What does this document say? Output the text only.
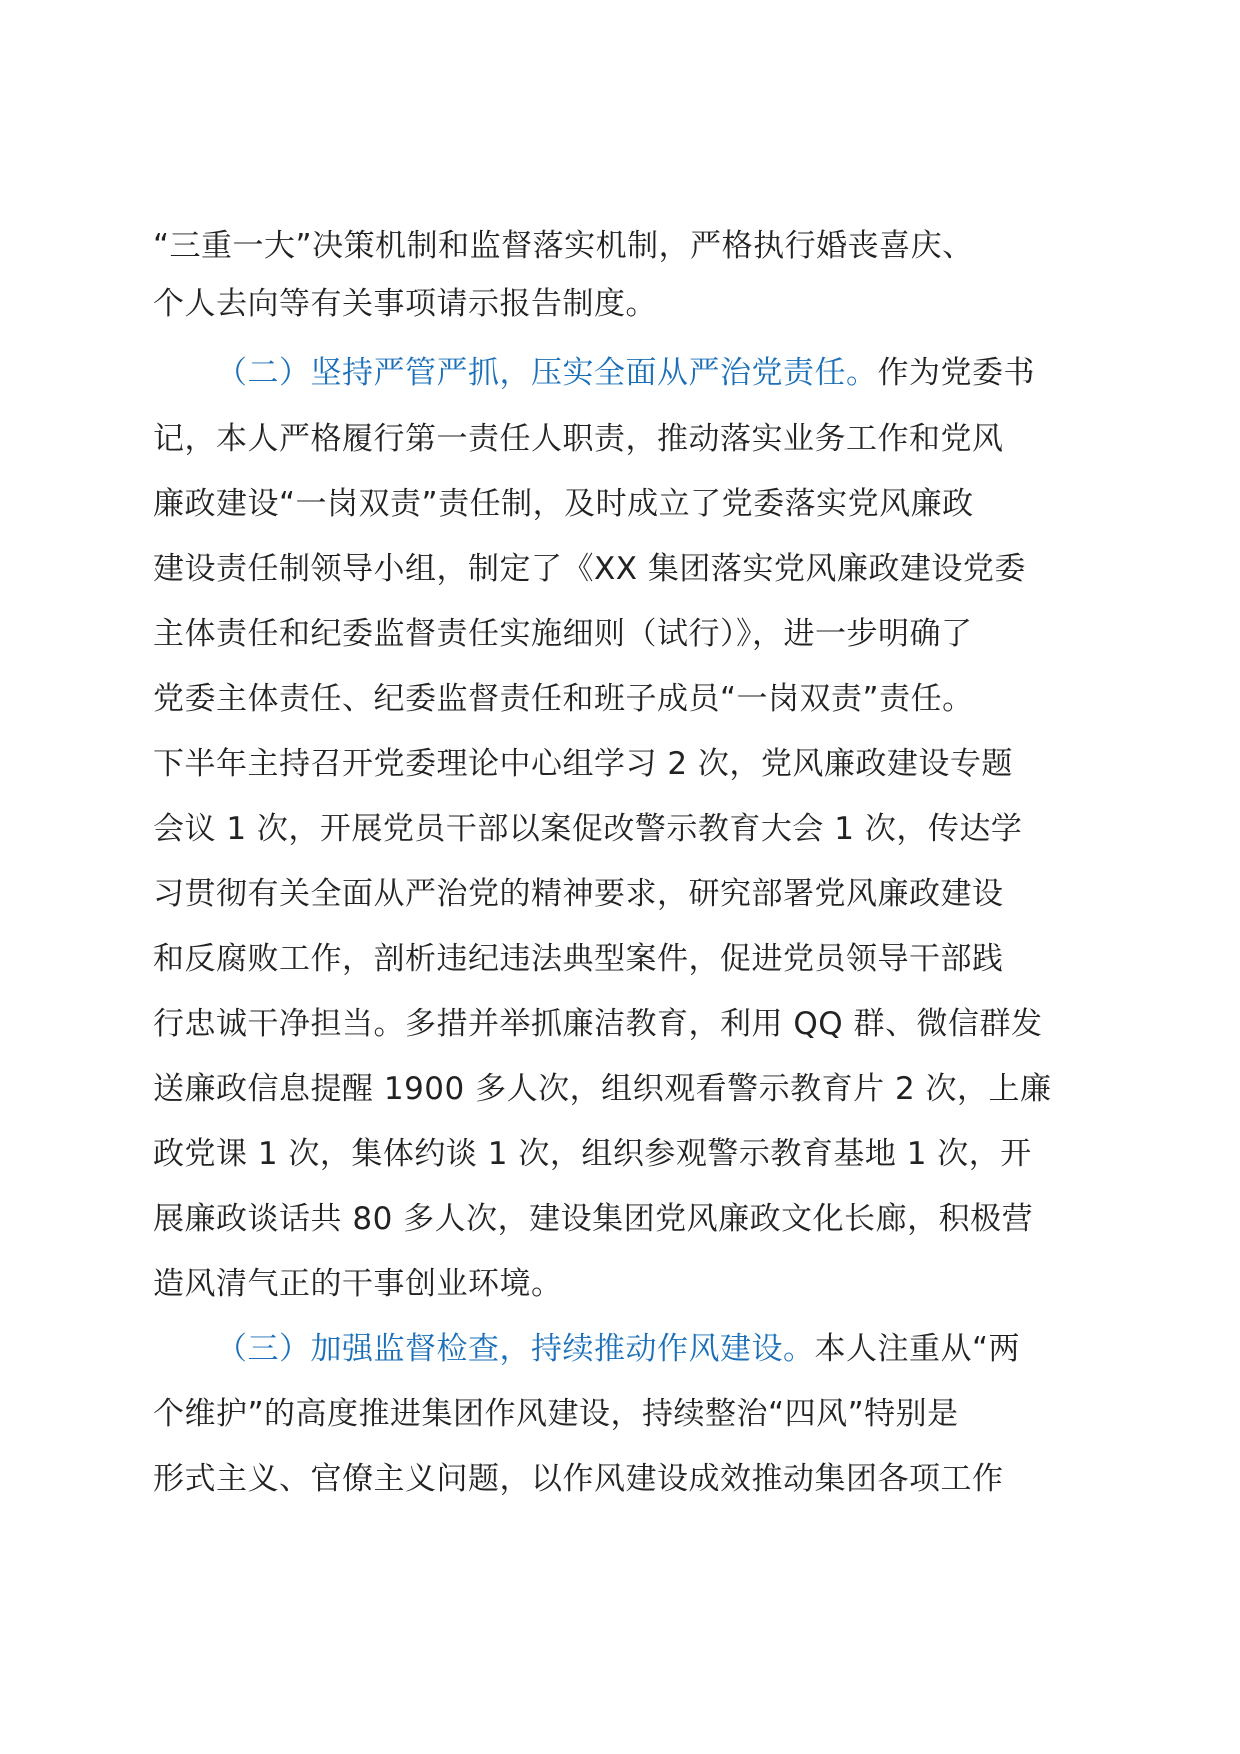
“三重一大”决策机制和监督落实机制，严格执行婚丧喜庆、
个人去向等有关事项请示报告制度。
（二）坚持严管严抓，压实全面从严治党责任。作为党委书
记，本人严格履行第一责任人职责，推动落实业务工作和党风
廉政建设“一岗双责”责任制，及时成立了党委落实党风廉政
建设责任制领导小组，制定了《XX 集团落实党风廉政建设党委
主体责任和纪委监督责任实施细则（试行）》，进一步明确了
党委主体责任、纪委监督责任和班子成员“一岗双责”责任。
下半年主持召开党委理论中心组学习 2 次，党风廉政建设专题
会议 1 次，开展党员干部以案促改警示教育大会 1 次，传达学
习贯彻有关全面从严治党的精神要求，研究部署党风廉政建设
和反腐败工作，剖析违纪违法典型案件，促进党员领导干部践
行忠诚干净担当。多措并举抓廉洁教育，利用 QQ 群、微信群发
送廉政信息提醒 1900 多人次，组织观看警示教育片 2 次，上廉
政党课 1 次，集体约谈 1 次，组织参观警示教育基地 1 次，开
展廉政谈话共 80 多人次，建设集团党风廉政文化长廊，积极营
造风清气正的干事创业环境。
（三）加强监督检查，持续推动作风建设。本人注重从“两
个维护”的高度推进集团作风建设，持续整治“四风”特别是
形式主义、官僚主义问题，以作风建设成效推动集团各项工作
